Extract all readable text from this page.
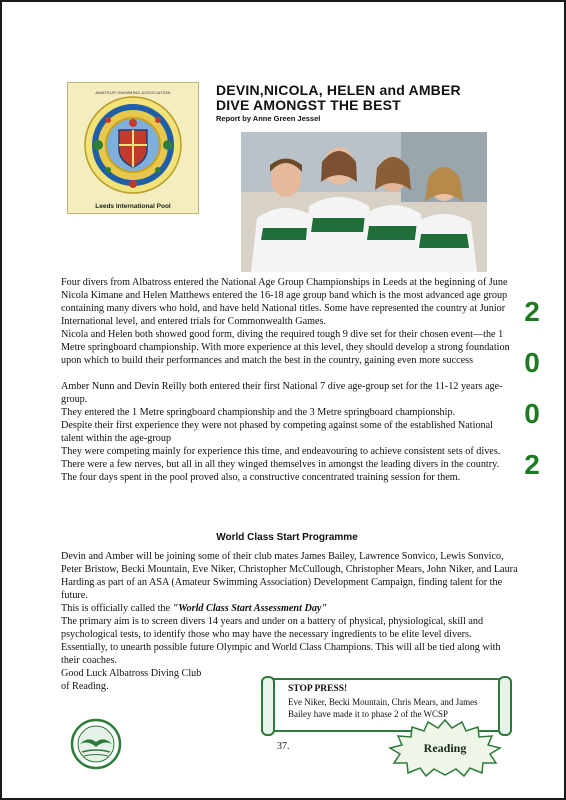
AMATEUR SWIMMING ASSOCIATION
Leeds International Pool
DEVIN,NICOLA, HELEN and AMBER
DIVE AMONGST THE BEST
Report by Anne Green Jessel

Four divers from Albatross entered the National Age Group Championships in Leeds at the beginning of June

Nicola Kimane and Helen Matthews entered the 16-18 age group band which is the most advanced age group containing many divers who hold, and have held National titles. Some have represented the country at Junior International level, and entered trials for Commonwealth Games.

Nicola and Helen both showed good form, diving the required tough 9 dive set for their chosen event—the 1 Metre springboard championship. With more experience at this level, they should develop a strong foundation upon which to build their performances and match the best in the country, gaining even more success

Amber Nunn and Devin Reilly both entered their first National 7 dive age-group set for the 11-12 years age-group.

They entered the 1 Metre springboard championship and the 3 Metre springboard championship.

Despite their first experience they were not phased by competing against some of the established National talent within the age-group

They were competing mainly for experience this time, and endeavouring to achieve consistent sets of dives. There were a few nerves, but all in all they winged themselves in amongst the leading divers in the country.

The four days spent in the pool proved also, a constructive concentrated training session for them.

2
0
0
2
World Class Start Programme

Devin and Amber will be joining some of their club mates James Bailey, Lawrence Sonvico, Lewis Sonvico, Peter Bristow, Becki Mountain, Eve Niker, Christopher McCullough, Christopher Mears, John Niker, and Laura Harding as part of an ASA (Amateur Swimming Association) Development Campaign, finding talent for the future.

This is officially called the "World Class Start Assessment Day"

The primary aim is to screen divers 14 years and under on a battery of physical, physiological, skill and psychological tests, to identify those who may have the necessary ingredients to be elite level divers. Essentially, to unearth possible future Olympic and World Class Champions. This will all be tied along with their coaches.

Good Luck Albatross Diving Club

of Reading.	STOP PRESS!
Eve Niker, Becki Mountain, Chris Mears, and James Bailey have made it to phase 2 of the WCSP
37.	Reading
